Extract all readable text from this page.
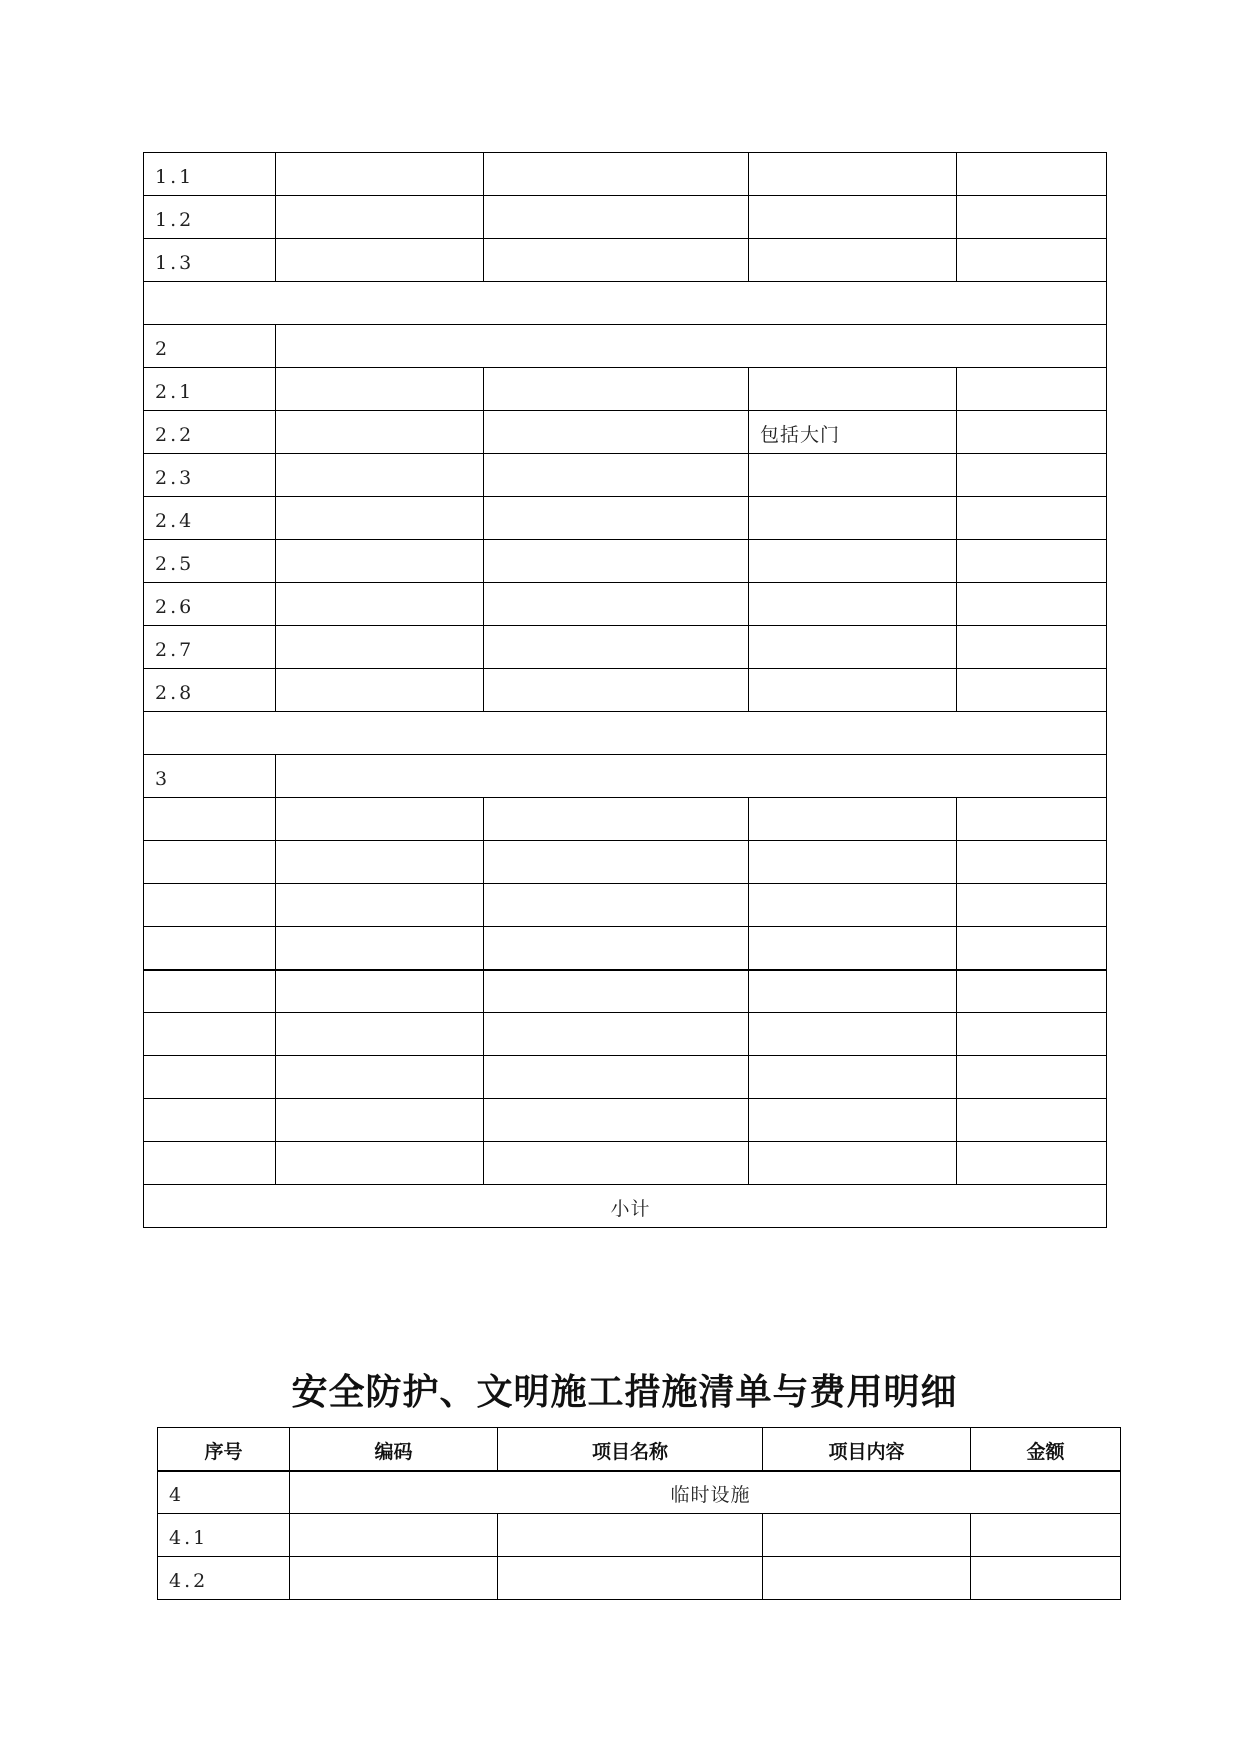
1.1				
1.2				
1.3				

2				
2.1				
2.2			包括大门	
2.3				
2.4				
2.5				
2.6				
2.7				
2.8				

3				

小计				
安全防护、文明施工措施清单与费用明细
序号	编码	项目名称	项目内容	金额
4	临时设施			
4.1				
4.2				
